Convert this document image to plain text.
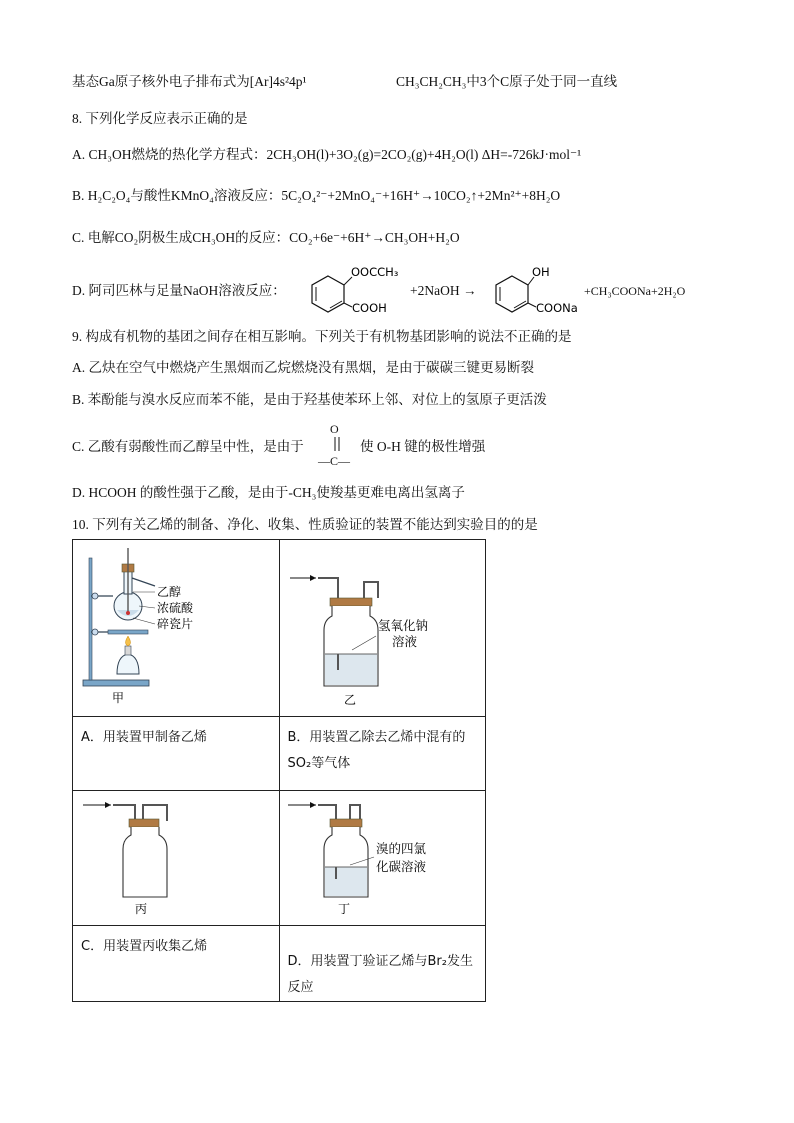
基态Ga原子核外电子排布式为[Ar]4s²4p¹	CH₃CH₂CH₃中3个C原子处于同一直线
8. 下列化学反应表示正确的是
A. CH₃OH燃烧的热化学方程式：2CH₃OH(l)+3O₂(g)=2CO₂(g)+4H₂O(l) ΔH=-726kJ·mol⁻¹
B. H₂C₂O₄与酸性KMnO₄溶液反应：5C₂O₄²⁻+2MnO₄⁻+16H⁺→10CO₂↑+2Mn²⁺+8H₂O
C. 电解CO₂阴极生成CH₃OH的反应：CO₂+6e⁻+6H⁺→CH₃OH+H₂O
D. 阿司匹林与足量NaOH溶液反应：
OOCCH₃
COOH
+2NaOH →
OH
COONa
+CH₃COONa+2H₂O
9. 构成有机物的基团之间存在相互影响。下列关于有机物基团影响的说法不正确的是
A. 乙炔在空气中燃烧产生黑烟而乙烷燃烧没有黑烟，是由于碳碳三键更易断裂
B. 苯酚能与溴水反应而苯不能，是由于羟基使苯环上邻、对位上的氢原子更活泼
C. 乙酸有弱酸性而乙醇呈中性，是由于
O
—C—
使 O-H 键的极性增强
D. HCOOH 的酸性强于乙酸，是由于-CH₃使羧基更难电离出氢离子
10. 下列有关乙烯的制备、净化、收集、性质验证的装置不能达到实验目的的是
乙醇
浓硫酸
碎瓷片
甲	氢氧化钠
溶液
乙

A．用装置甲制备乙烯	B．用装置乙除去乙烯中混有的SO₂等气体

丙	溴的四氯
化碳溶液
丁

C．用装置丙收集乙烯	D．用装置丁验证乙烯与Br₂发生反应
